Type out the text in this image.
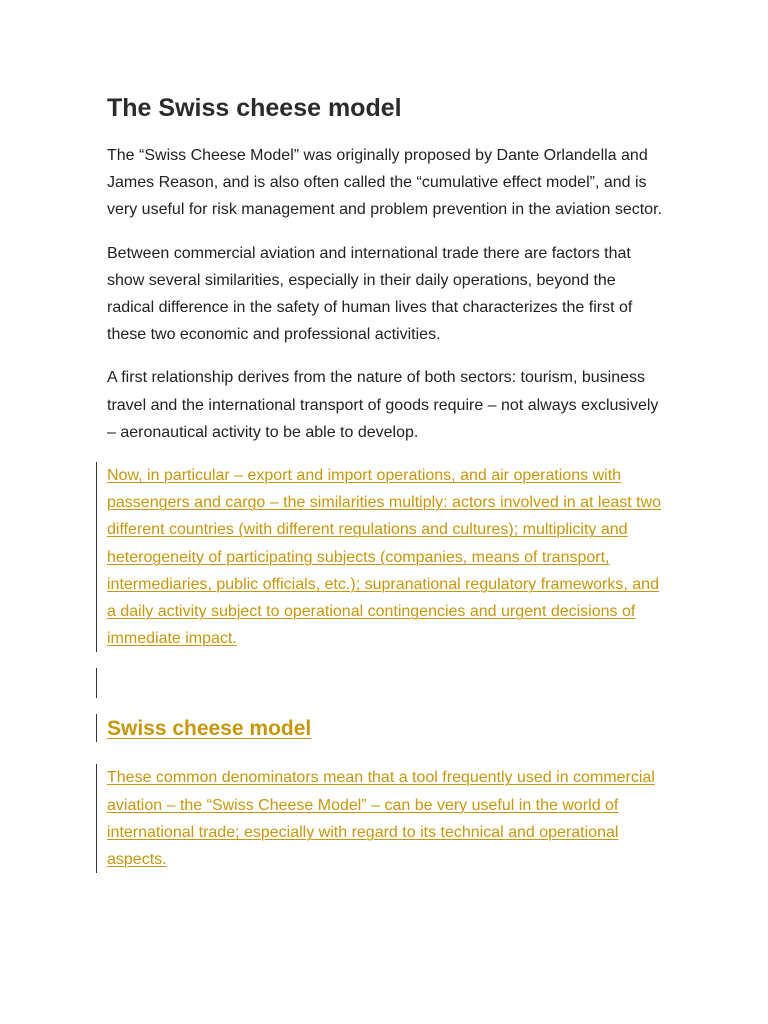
The Swiss cheese model

The “Swiss Cheese Model” was originally proposed by Dante Orlandella and James Reason, and is also often called the “cumulative effect model”, and is very useful for risk management and problem prevention in the aviation sector.

Between commercial aviation and international trade there are factors that show several similarities, especially in their daily operations, beyond the radical difference in the safety of human lives that characterizes the first of these two economic and professional activities.

A first relationship derives from the nature of both sectors: tourism, business travel and the international transport of goods require – not always exclusively – aeronautical activity to be able to develop.

Now, in particular – export and import operations, and air operations with passengers and cargo – the similarities multiply: actors involved in at least two different countries (with different regulations and cultures); multiplicity and heterogeneity of participating subjects (companies, means of transport, intermediaries, public officials, etc.); supranational regulatory frameworks, and a daily activity subject to operational contingencies and urgent decisions of immediate impact.
Swiss cheese model
These common denominators mean that a tool frequently used in commercial aviation – the “Swiss Cheese Model” – can be very useful in the world of international trade; especially with regard to its technical and operational aspects.
